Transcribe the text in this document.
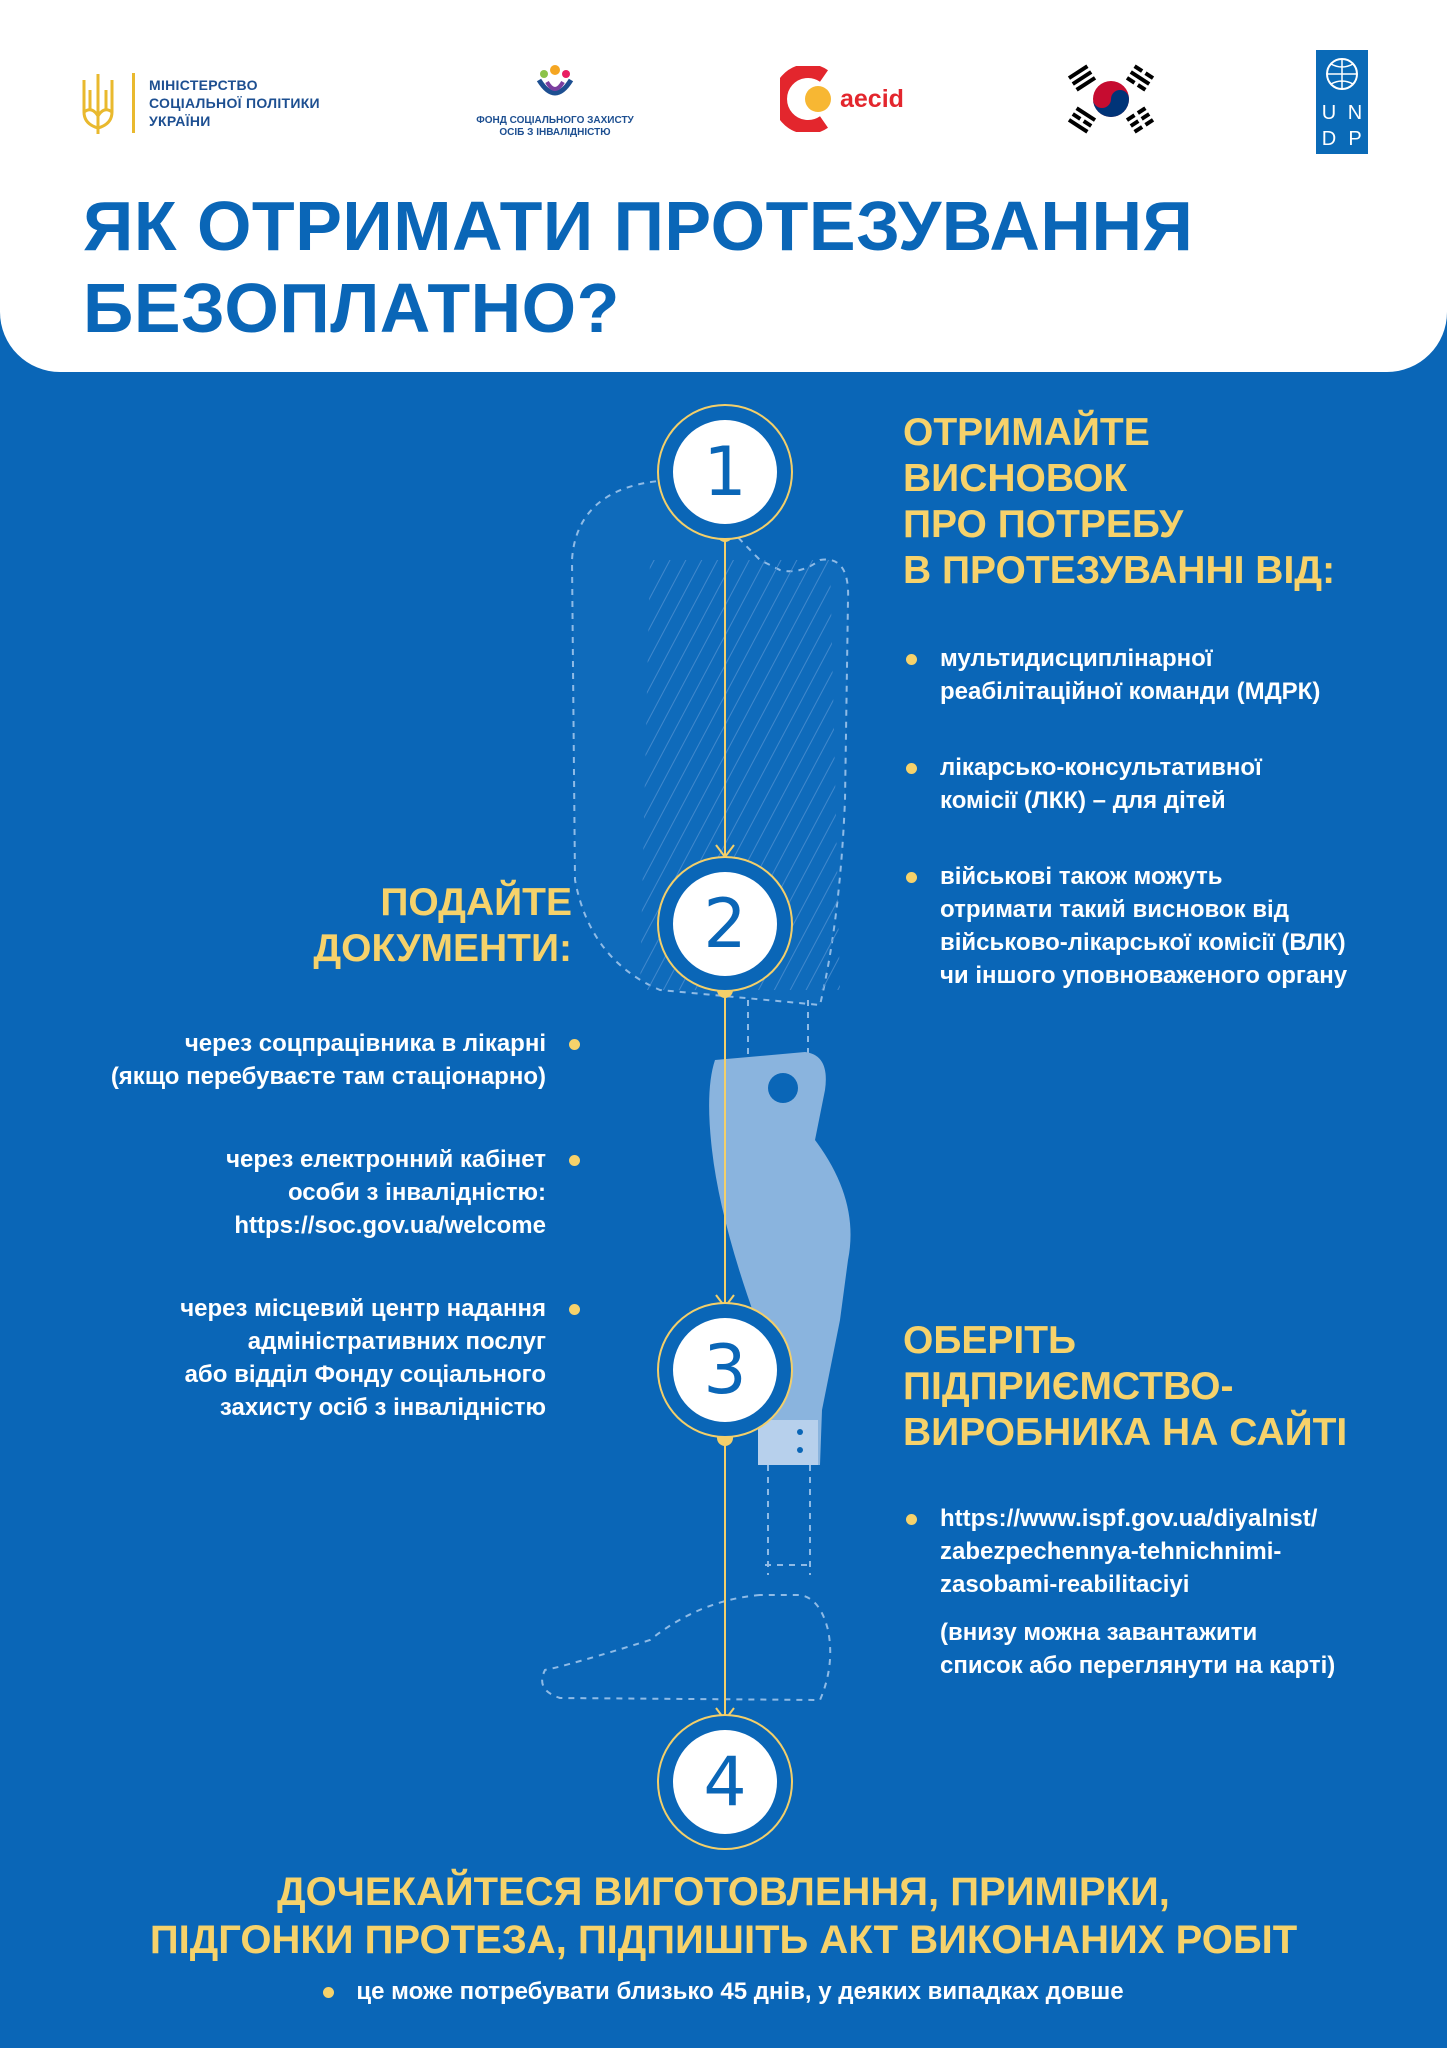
МІНІСТЕРСТВО
СОЦІАЛЬНОЇ ПОЛІТИКИ
УКРАЇНИ	ФОНД СОЦІАЛЬНОГО ЗАХИСТУ
ОСІБ З ІНВАЛІДНІСТЮ
aecid
U N
D P
ЯК ОТРИМАТИ ПРОТЕЗУВАННЯ
БЕЗОПЛАТНО?
1
2
3
4
ОТРИМАЙТЕ
ВИСНОВОК
ПРО ПОТРЕБУ
В ПРОТЕЗУВАННІ ВІД:
мультидисциплінарної
реабілітаційної команди (МДРК)
лікарсько-консультативної
комісії (ЛКК) – для дітей
військові також можуть
отримати такий висновок від
військово-лікарської комісії (ВЛК)
чи іншого уповноваженого органу
ПОДАЙТЕ
ДОКУМЕНТИ:
через соцпрацівника в лікарні
(якщо перебуваєте там стаціонарно)
через електронний кабінет
особи з інвалідністю:
https://soc.gov.ua/welcome
через місцевий центр надання
адміністративних послуг
або відділ Фонду соціального
захисту осіб з інвалідністю
ОБЕРІТЬ
ПІДПРИЄМСТВО-
ВИРОБНИКА НА САЙТІ
https://www.ispf.gov.ua/diyalnist/
zabezpechennya-tehnichnimi-
zasobami-reabilitaciyi
(внизу можна завантажити
список або переглянути на карті)
ДОЧЕКАЙТЕСЯ ВИГОТОВЛЕННЯ, ПРИМІРКИ,
ПІДГОНКИ ПРОТЕЗА, ПІДПИШІТЬ АКТ ВИКОНАНИХ РОБІТ
це може потребувати близько 45 днів, у деяких випадках довше
